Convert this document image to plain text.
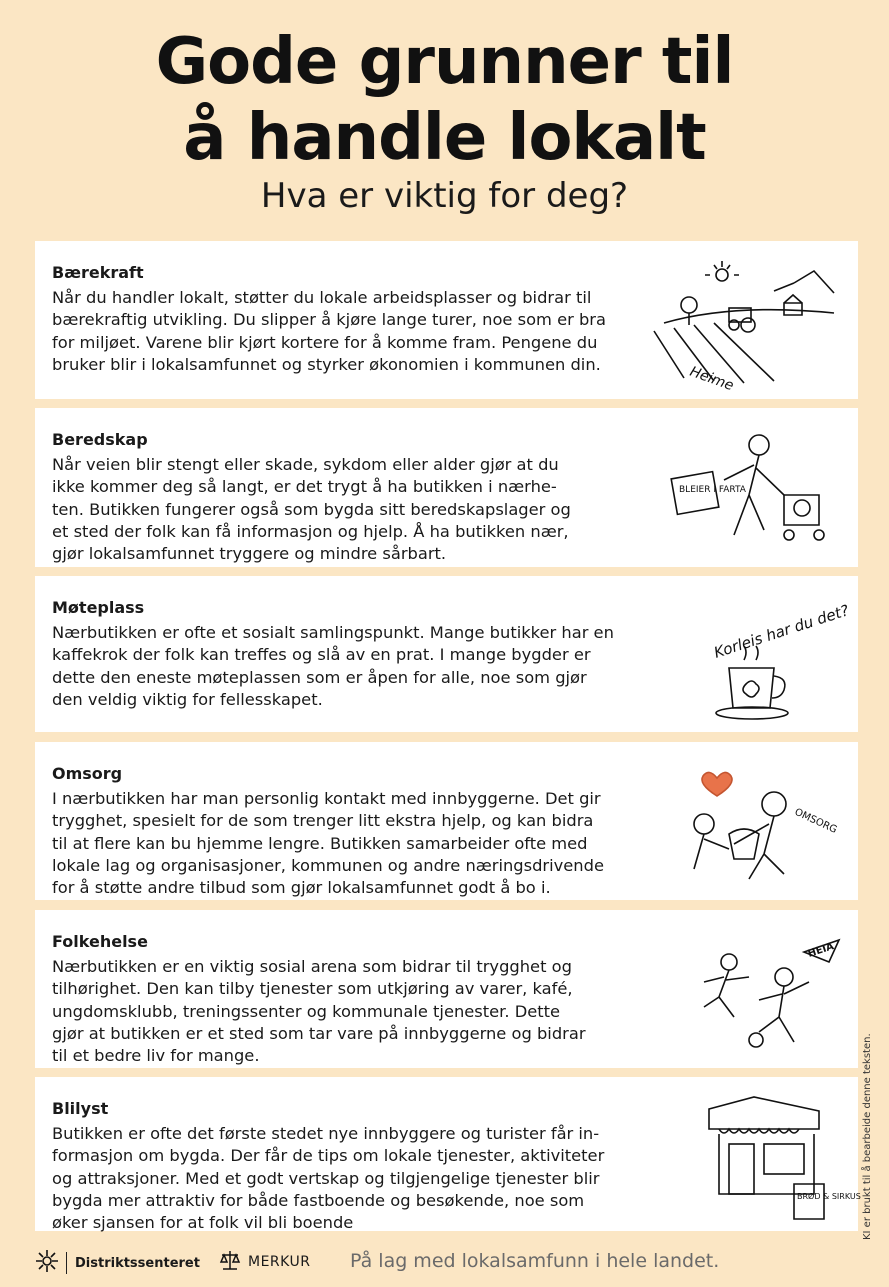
Gode grunner til
å handle lokalt
Hva er viktig for deg?
Bærekraft
Når du handler lokalt, støtter du lokale arbeidsplasser og bidrar til
bærekraftig utvikling. Du slipper å kjøre lange turer, noe som er bra
for miljøet. Varene blir kjørt kortere for å komme fram. Pengene du
bruker blir i lokalsamfunnet og styrker økonomien i kommunen din.	Heime
Beredskap
Når veien blir stengt eller skade, sykdom eller alder gjør at du
ikke kommer deg så langt, er det trygt å ha butikken i nærhe-
ten. Butikken fungerer også som bygda sitt beredskapslager og
et sted der folk kan få informasjon og hjelp. Å ha butikken nær,
gjør lokalsamfunnet tryggere og mindre sårbart.
BLEIER I FARTA
Møteplass
Nærbutikken er ofte et sosialt samlingspunkt. Mange butikker har en
kaffekrok der folk kan treffes og slå av en prat. I mange bygder er
dette den eneste møteplassen som er åpen for alle, noe som gjør
den veldig viktig for fellesskapet.
Korleis har du det?
Omsorg
I nærbutikken har man personlig kontakt med innbyggerne. Det gir
trygghet, spesielt for de som trenger litt ekstra hjelp, og kan bidra
til at flere kan bu hjemme lengre. Butikken samarbeider ofte med
lokale lag og organisasjoner, kommunen og andre næringsdrivende
for å støtte andre tilbud som gjør lokalsamfunnet godt å bo i.
OMSORG
Folkehelse
Nærbutikken er en viktig sosial arena som bidrar til trygghet og
tilhørighet. Den kan tilby tjenester som utkjøring av varer, kafé,
ungdomsklubb, treningssenter og kommunale tjenester. Dette
gjør at butikken er et sted som tar vare på innbyggerne og bidrar
til et bedre liv for mange.
HEIA
Blilyst
Butikken er ofte det første stedet nye innbyggere og turister får in-
formasjon om bygda. Der får de tips om lokale tjenester, aktiviteter
og attraksjoner. Med et godt vertskap og tilgjengelige tjenester blir
bygda mer attraktiv for både fastboende og besøkende, noe som
øker sjansen for at folk vil bli boende
BRØD & SIRKUS KI er brukt til å bearbeide denne teksten.
Distriktssenteret	MERKUR På lag med lokalsamfunn i hele landet.
